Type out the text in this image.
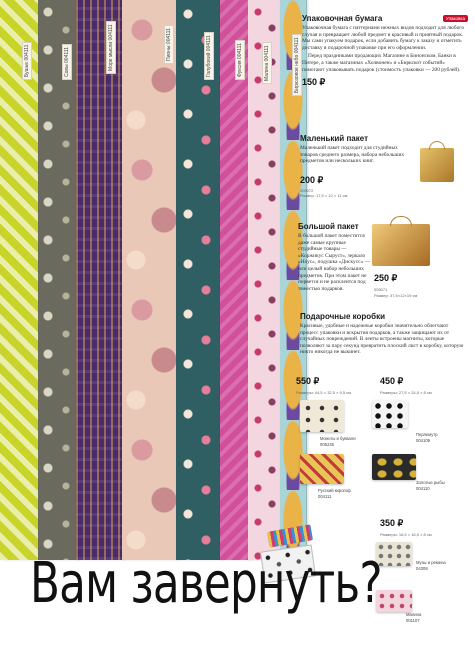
Бушье 004111	Совы 004111	Море мысли 004111	Пионы 004111	Голубовий 004111	Фуксия 004111	Малина 004111	Бирюзовое небо 004111

Упаковочная бумага	Упаковка

Упаковочная бумага с паттернами нежных видов подходит для любого случая и превращает любой предмет в красивый и приятный подарок. Мы сами упакуем подарок, если добавить бумагу к заказу и отметить доставку в подарочной упаковке при его оформлении.

Перед праздниками продающих Магазине в Бинонском, Банки в Питере, а также магазинах «Холвонен» и «Биркскот событий» помогают упаковывать подарок (стоимость упаковки — 200 рублей).

150 ₽

Маленький пакет

Маленький пакет подходит для студийных товаров среднего размера, набора небольших предметов или нескольких книг.

200 ₽
005072
Размер: 17,5 × 12 × 11 см

Большой пакет

В большой пакет поместится даже самые крупные студийные товары — «Коржикус Сыруст», зеркало «Ноус», подушка «Дискусс» — или целый набор небольших предметов. При этом пакет не порвется и не расклеится под тяжестью подарков.

250 ₽
005071
Размер: 37,5×12×19 см

Подарочные коробки

Красивые, удобные и надежные коробки значительно облегчают процесс упаковки и вскрытия подарков, а также защищают их от случайных повреждений. В ленты встроены магниты, которые позволяют за пару секунд превратить плоский лист в коробку, которую никто никогда не выкинет.

550 ₽
Размеры: 44,5 × 32,5 × 9,5 см
450 ₽
Размеры: 27,5 × 24,5 × 8 см
350 ₽
Размеры: 16,5 × 16,5 × 8 см
Моноты и буквали
005245
Русский кирогоф
004111
Перлемутр
004109
Золотые рыбы
004110
Музы и ремена
04308
Малина
001107
Вам завернуть?
